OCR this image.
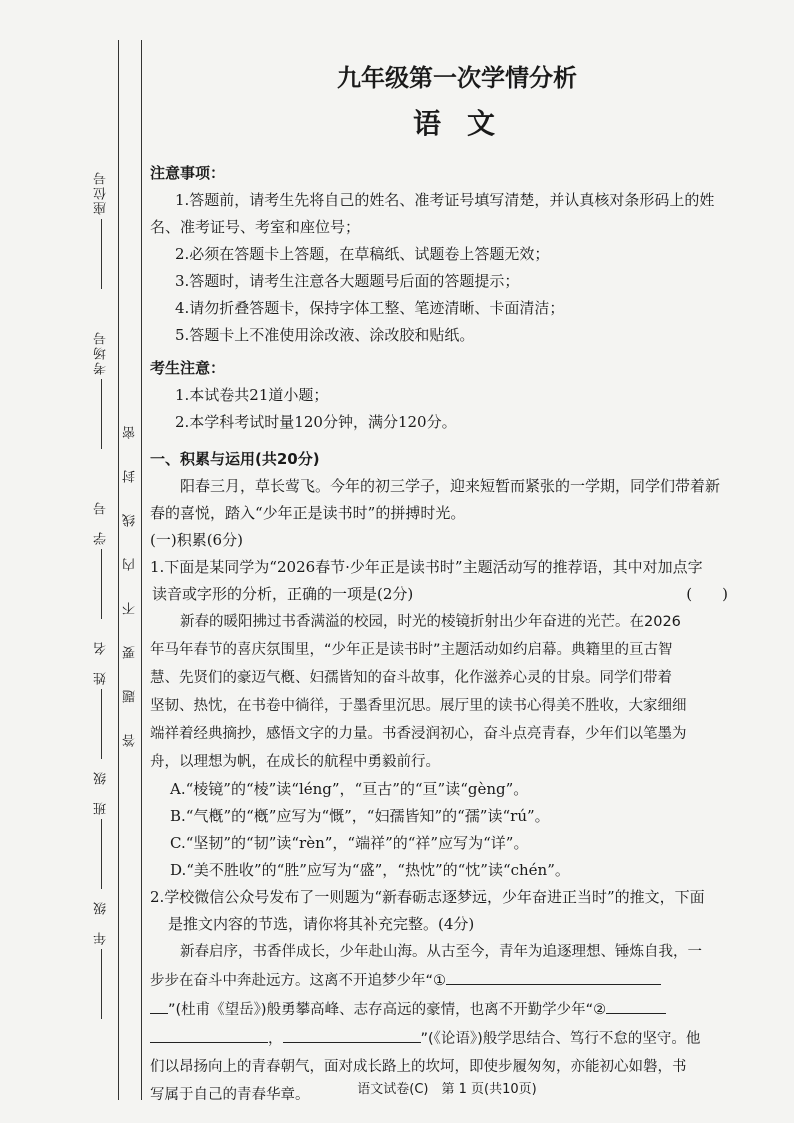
座位号
考场号
学　号
姓　名
班　级
年　级
答
题
要
不
内
线
封
密
九年级第一次学情分析
语文
注意事项：
1.答题前，请考生先将自己的姓名、准考证号填写清楚，并认真核对条形码上的姓
名、准考证号、考室和座位号；
2.必须在答题卡上答题，在草稿纸、试题卷上答题无效；
3.答题时，请考生注意各大题题号后面的答题提示；
4.请勿折叠答题卡，保持字体工整、笔迹清晰、卡面清洁；
5.答题卡上不准使用涂改液、涂改胶和贴纸。
考生注意：
1.本试卷共21道小题；
2.本学科考试时量120分钟，满分120分。
一、积累与运用(共20分)
阳春三月，草长莺飞。今年的初三学子，迎来短暂而紧张的一学期，同学们带着新
春的喜悦，踏入“少年正是读书时”的拼搏时光。
(一)积累(6分)
1.下面是某同学为“2026春节·少年正是读书时”主题活动写的推荐语，其中对加点字
读音或字形的分析，正确的一项是(2分)	(　　)
新春的暖阳拂过书香满溢的校园，时光的棱镜折射出少年奋进的光芒。在2026
年马年春节的喜庆氛围里，“少年正是读书时”主题活动如约启幕。典籍里的亘古智
慧、先贤们的豪迈气槪、妇孺皆知的奋斗故事，化作滋养心灵的甘泉。同学们带着
坚韧、热忱，在书卷中徜徉，于墨香里沉思。展厅里的读书心得美不胜收，大家细细
端祥着经典摘抄，感悟文字的力量。书香浸润初心，奋斗点亮青春，少年们以笔墨为
舟，以理想为帆，在成长的航程中勇毅前行。
A.“棱镜”的“棱”读“léng”，“亘古”的“亘”读“gèng”。
B.“气槪”的“槪”应写为“慨”，“妇孺皆知”的“孺”读“rú”。
C.“坚韧”的“韧”读“rèn”，“端祥”的“祥”应写为“详”。
D.“美不胜收”的“胜”应写为“盛”，“热忱”的“忱”读“chén”。
2.学校微信公众号发布了一则题为“新春砺志逐梦远，少年奋进正当时”的推文，下面
是推文内容的节选，请你将其补充完整。(4分)
新春启序，书香伴成长，少年赴山海。从古至今，青年为追逐理想、锤炼自我，一
步步在奋斗中奔赴远方。这离不开追梦少年“①
”(杜甫《望岳》)般勇攀高峰、志存高远的豪情，也离不开勤学少年“②
，	”(《论语》)般学思结合、笃行不怠的坚守。他
们以昂扬向上的青春朝气，面对成长路上的坎坷，即使步履匆匆，亦能初心如磐，书
写属于自己的青春华章。	语文试卷(C)　第 1 页(共10页)
